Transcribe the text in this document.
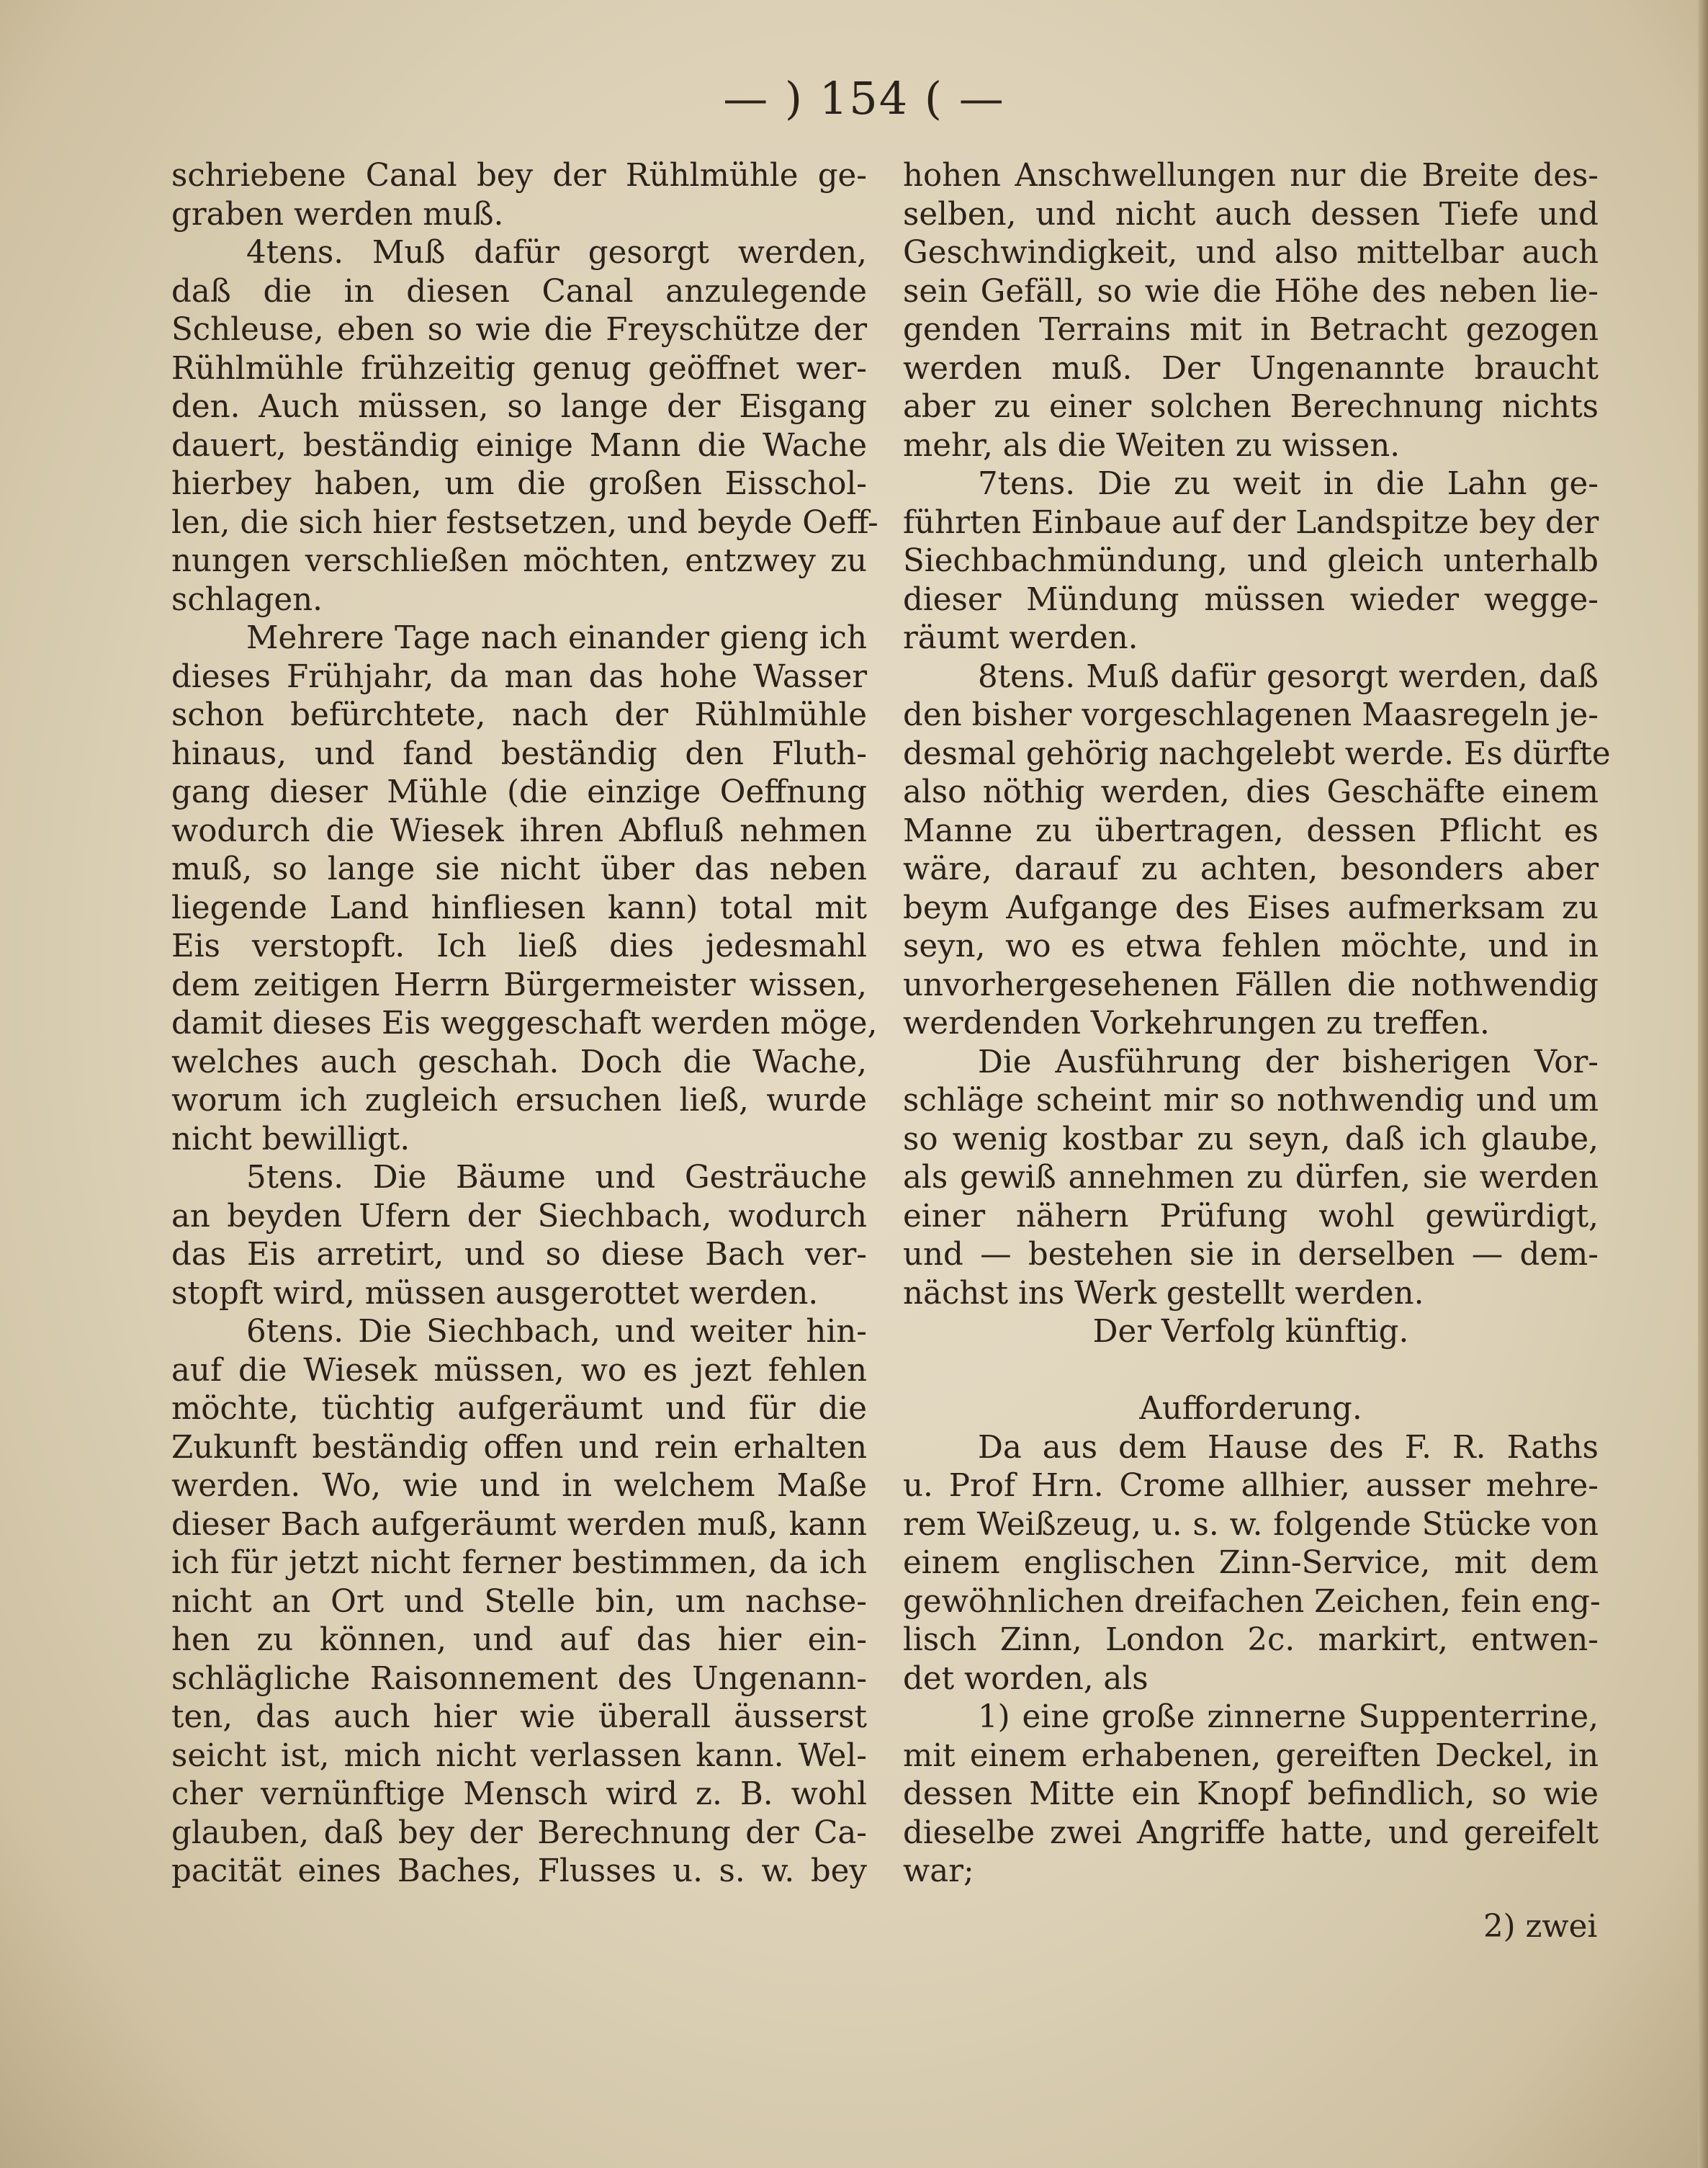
— ) 154 ( —
schriebene Canal bey der Rühlmühle ge-
graben werden muß.
4tens. Muß dafür gesorgt werden,
daß die in diesen Canal anzulegende
Schleuse, eben so wie die Freyschütze der
Rühlmühle frühzeitig genug geöffnet wer-
den. Auch müssen, so lange der Eisgang
dauert, beständig einige Mann die Wache
hierbey haben, um die großen Eisschol-
len, die sich hier festsetzen, und beyde Oeff-
nungen verschließen möchten, entzwey zu
schlagen.
Mehrere Tage nach einander gieng ich
dieses Frühjahr, da man das hohe Wasser
schon befürchtete, nach der Rühlmühle
hinaus, und fand beständig den Fluth-
gang dieser Mühle (die einzige Oeffnung
wodurch die Wiesek ihren Abfluß nehmen
muß, so lange sie nicht über das neben
liegende Land hinfliesen kann) total mit
Eis verstopft. Ich ließ dies jedesmahl
dem zeitigen Herrn Bürgermeister wissen,
damit dieses Eis weggeschaft werden möge,
welches auch geschah. Doch die Wache,
worum ich zugleich ersuchen ließ, wurde
nicht bewilligt.
5tens. Die Bäume und Gesträuche
an beyden Ufern der Siechbach, wodurch
das Eis arretirt, und so diese Bach ver-
stopft wird, müssen ausgerottet werden.
6tens. Die Siechbach, und weiter hin-
auf die Wiesek müssen, wo es jezt fehlen
möchte, tüchtig aufgeräumt und für die
Zukunft beständig offen und rein erhalten
werden. Wo, wie und in welchem Maße
dieser Bach aufgeräumt werden muß, kann
ich für jetzt nicht ferner bestimmen, da ich
nicht an Ort und Stelle bin, um nachse-
hen zu können, und auf das hier ein-
schlägliche Raisonnement des Ungenann-
ten, das auch hier wie überall äusserst
seicht ist, mich nicht verlassen kann. Wel-
cher vernünftige Mensch wird z. B. wohl
glauben, daß bey der Berechnung der Ca-
pacität eines Baches, Flusses u. s. w. bey
hohen Anschwellungen nur die Breite des-
selben, und nicht auch dessen Tiefe und
Geschwindigkeit, und also mittelbar auch
sein Gefäll, so wie die Höhe des neben lie-
genden Terrains mit in Betracht gezogen
werden muß. Der Ungenannte braucht
aber zu einer solchen Berechnung nichts
mehr, als die Weiten zu wissen.
7tens. Die zu weit in die Lahn ge-
führten Einbaue auf der Landspitze bey der
Siechbachmündung, und gleich unterhalb
dieser Mündung müssen wieder wegge-
räumt werden.
8tens. Muß dafür gesorgt werden, daß
den bisher vorgeschlagenen Maasregeln je-
desmal gehörig nachgelebt werde. Es dürfte
also nöthig werden, dies Geschäfte einem
Manne zu übertragen, dessen Pflicht es
wäre, darauf zu achten, besonders aber
beym Aufgange des Eises aufmerksam zu
seyn, wo es etwa fehlen möchte, und in
unvorhergesehenen Fällen die nothwendig
werdenden Vorkehrungen zu treffen.
Die Ausführung der bisherigen Vor-
schläge scheint mir so nothwendig und um
so wenig kostbar zu seyn, daß ich glaube,
als gewiß annehmen zu dürfen, sie werden
einer nähern Prüfung wohl gewürdigt,
und — bestehen sie in derselben — dem-
nächst ins Werk gestellt werden.
Der Verfolg künftig.
Aufforderung.
Da aus dem Hause des F. R. Raths
u. Prof Hrn. Crome allhier, ausser mehre-
rem Weißzeug, u. s. w. folgende Stücke von
einem englischen Zinn-Service, mit dem
gewöhnlichen dreifachen Zeichen, fein eng-
lisch Zinn, London 2c. markirt, entwen-
det worden, als
1) eine große zinnerne Suppenterrine,
mit einem erhabenen, gereiften Deckel, in
dessen Mitte ein Knopf befindlich, so wie
dieselbe zwei Angriffe hatte, und gereifelt
war;
2) zwei
